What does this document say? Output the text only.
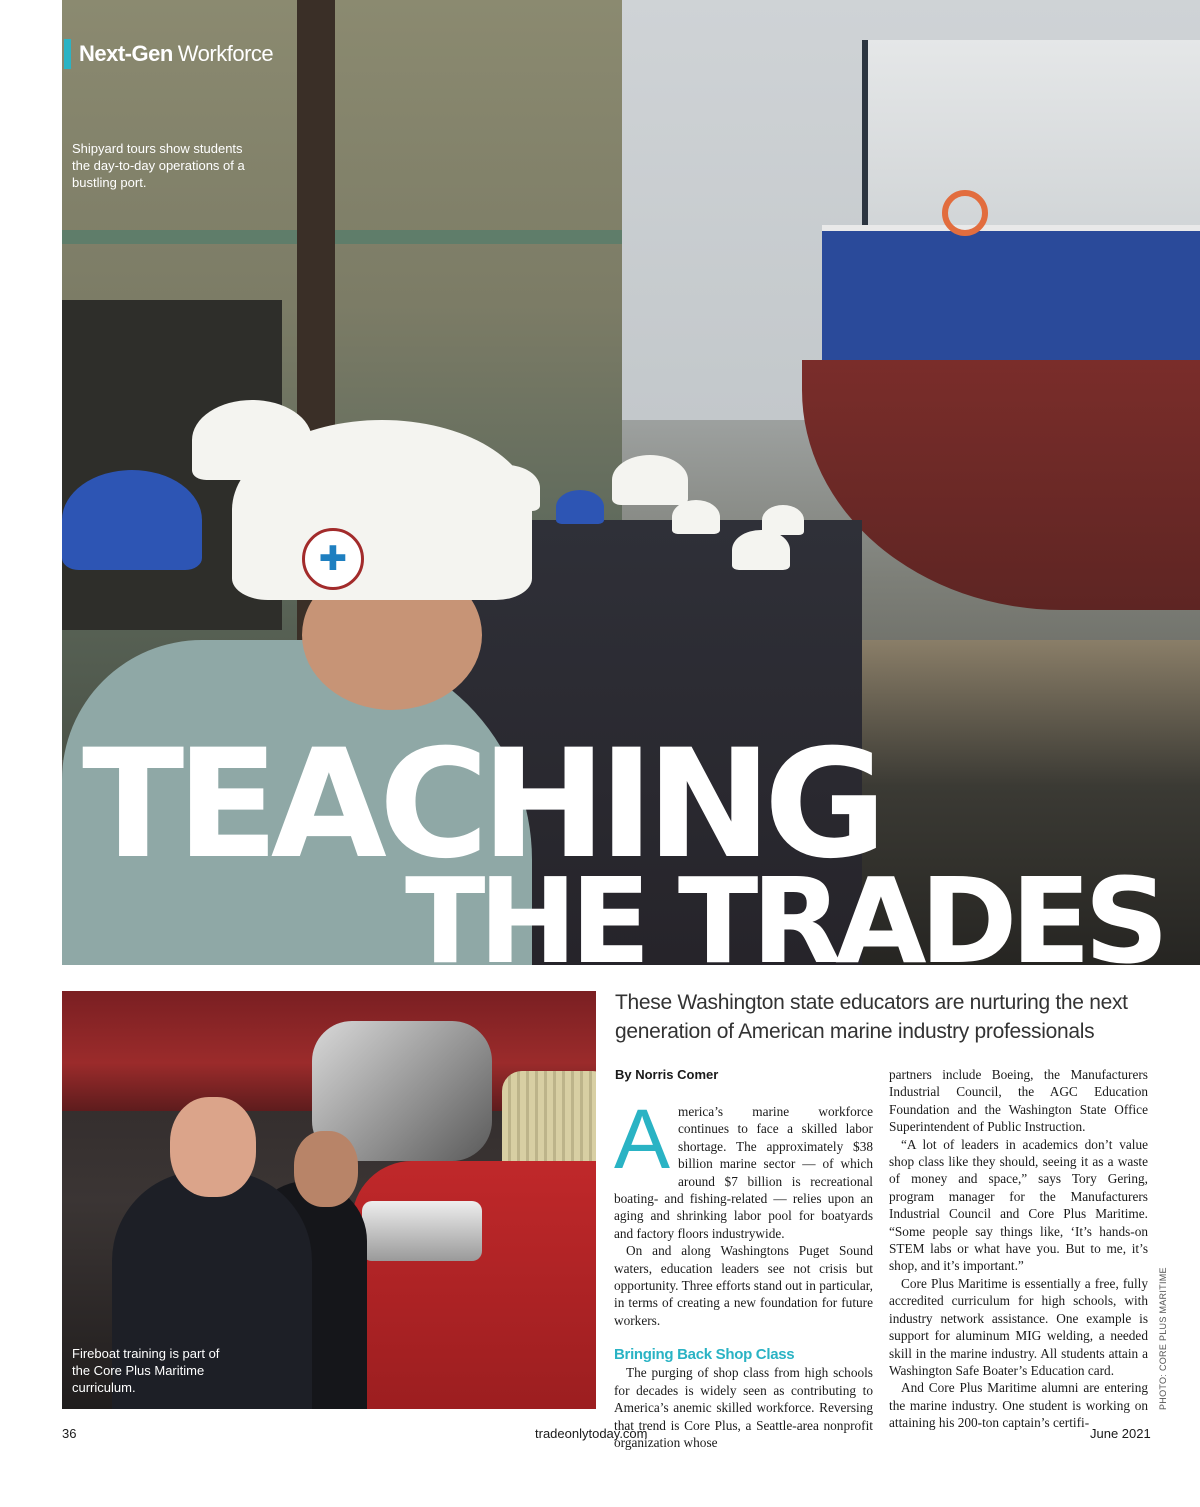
✚
Next-Gen Workforce
Shipyard tours show students the day-to-day operations of a bustling port.
TEACHING
THE TRADES
Fireboat training is part of the Core Plus Maritime curriculum.
These Washington state educators are nurturing the next generation of American marine industry professionals
By Norris Comer

America’s marine workforce continues to face a skilled labor shortage. The approximately $38 billion marine sector — of which around $7 billion is recreational boating- and fishing-related — relies upon an aging and shrinking labor pool for boatyards and factory floors industrywide.

On and along Washingtons Puget Sound waters, education leaders see not crisis but opportunity. Three efforts stand out in particular, in terms of creating a new foundation for future workers.

Bringing Back Shop Class

The purging of shop class from high schools for decades is widely seen as contributing to America’s anemic skilled workforce. Reversing that trend is Core Plus, a Seattle-area nonprofit organization whose

partners include Boeing, the Manufacturers Industrial Council, the AGC Education Foundation and the Washington State Office Superintendent of Public Instruction.

“A lot of leaders in academics don’t value shop class like they should, seeing it as a waste of money and space,” says Tory Gering, program manager for the Manufacturers Industrial Council and Core Plus Maritime. “Some people say things like, ‘It’s hands-on STEM labs or what have you. But to me, it’s shop, and it’s important.”

Core Plus Maritime is essentially a free, fully accredited curriculum for high schools, with industry network assistance. One example is support for aluminum MIG welding, a needed skill in the marine industry. All students attain a Washington Safe Boater’s Education card.

And Core Plus Maritime alumni are entering the marine industry. One student is working on attaining his 200-ton captain’s certifi-

PHOTO: CORE PLUS MARITIME
36	tradeonlytoday.com	June 2021
